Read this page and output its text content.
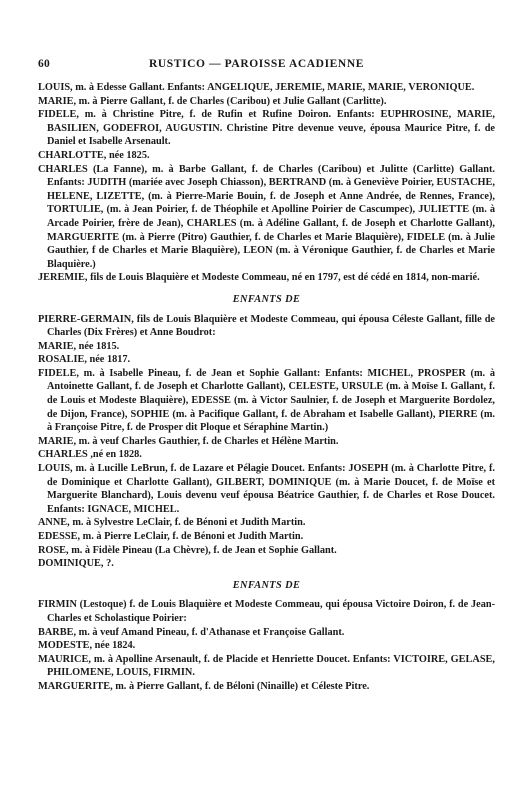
60	RUSTICO — PAROISSE ACADIENNE

LOUIS, m. à Edesse Gallant. Enfants: ANGELIQUE, JEREMIE, MARIE, MARIE, VERONIQUE.

MARIE, m. à Pierre Gallant, f. de Charles (Caribou) et Julie Gallant (Carlitte).

FIDELE, m. à Christine Pitre, f. de Rufin et Rufine Doiron. Enfants: EUPHROSINE, MARIE, BASILIEN, GODEFROI, AUGUSTIN. Christine Pitre devenue veuve, épousa Maurice Pitre, f. de Daniel et Isabelle Arsenault.

CHARLOTTE, née 1825.

CHARLES (La Fanne), m. à Barbe Gallant, f. de Charles (Caribou) et Julitte (Carlitte) Gallant. Enfants: JUDITH (mariée avec Joseph Chiasson), BERTRAND (m. à Geneviève Poirier, EUSTACHE, HELENE, LIZETTE, (m. à Pierre-Marie Bouin, f. de Joseph et Anne Andrée, de Rennes, France), TORTULIE, (m. à Jean Poirier, f. de Théophile et Apolline Poirier de Cascumpec), JULIETTE (m. à Arcade Poirier, frère de Jean), CHARLES (m. à Adéline Gallant, f. de Joseph et Charlotte Gallant), MARGUERITE (m. à Pierre (Pitro) Gauthier, f. de Charles et Marie Blaquière), FIDELE (m. à Julie Gauthier, f de Charles et Marie Blaquière), LEON (m. à Véronique Gauthier, f. de Charles et Marie Blaquière.)

JEREMIE, fils de Louis Blaquière et Modeste Commeau, né en 1797, est dé cédé en 1814, non-marié.

ENFANTS DE

PIERRE-GERMAIN, fils de Louis Blaquière et Modeste Commeau, qui épousa Céleste Gallant, fille de Charles (Dix Frères) et Anne Boudrot:

MARIE, née 1815.

ROSALIE, née 1817.

FIDELE, m. à Isabelle Pineau, f. de Jean et Sophie Gallant: Enfants: MICHEL, PROSPER (m. à Antoinette Gallant, f. de Joseph et Charlotte Gallant), CELESTE, URSULE (m. à Moïse I. Gallant, f. de Louis et Modeste Blaquière), EDESSE (m. à Victor Saulnier, f. de Joseph et Marguerite Bordolez, de Dijon, France), SOPHIE (m. à Pacifique Gallant, f. de Abraham et Isabelle Gallant), PIERRE (m. à Françoise Pitre, f. de Prosper dit Ploque et Séraphine Martin.)

MARIE, m. à veuf Charles Gauthier, f. de Charles et Hélène Martin.

CHARLES ,né en 1828.

LOUIS, m. à Lucille LeBrun, f. de Lazare et Pélagie Doucet. Enfants: JOSEPH (m. à Charlotte Pitre, f. de Dominique et Charlotte Gallant), GILBERT, DOMINIQUE (m. à Marie Doucet, f. de Moïse et Marguerite Blanchard), Louis devenu veuf épousa Béatrice Gauthier, f. de Charles et Rose Doucet. Enfants: IGNACE, MICHEL.

ANNE, m. à Sylvestre LeClair, f. de Bénoni et Judith Martin.

EDESSE, m. à Pierre LeClair, f. de Bénoni et Judith Martin.

ROSE, m. à Fidèle Pineau (La Chèvre), f. de Jean et Sophie Gallant.

DOMINIQUE, ?.

ENFANTS DE

FIRMIN (Lestoque) f. de Louis Blaquière et Modeste Commeau, qui épousa Victoire Doiron, f. de Jean-Charles et Scholastique Poirier:

BARBE, m. à veuf Amand Pineau, f. d'Athanase et Françoise Gallant.

MODESTE, née 1824.

MAURICE, m. à Apolline Arsenault, f. de Placide et Henriette Doucet. Enfants: VICTOIRE, GELASE, PHILOMENE, LOUIS, FIRMIN.

MARGUERITE, m. à Pierre Gallant, f. de Béloni (Ninaille) et Céleste Pitre.
